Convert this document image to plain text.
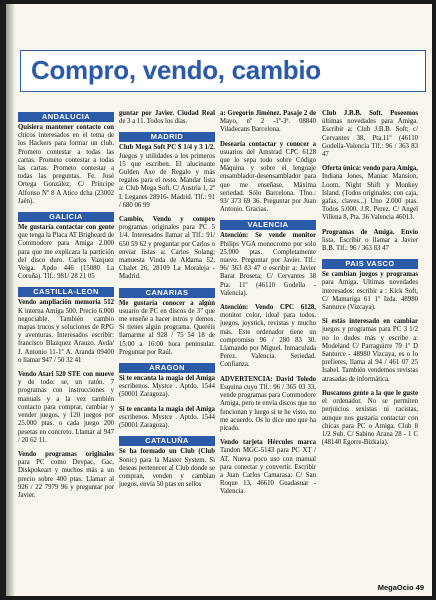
Compro, vendo, cambio
ANDALUCIA
Quisiera mantener contacto con chicos interesados en el tema de los Hackers para formar un club. Prometo contestar a todas las cartas. Prometo contestar a todas las cartas. Prometo contestar a todas las preguntas. Fe. José Ortega González; C/ Príncipe Alfonso Nº 8 A Atico dcha (23002 Jaén).
GALICIA
Me gustaría contactar con gente que tenga la Placa AT Brigheard de Commodore para Amiga 2.000 para que me explicara la partición del disco duro. Carlos Vazquez Veiga. Apdo 446 (15080 La Coruña). Tlf.: 981/ 28 21 05
CASTILLA-LEON
Vendo ampliación memoria 512 K interna Amiga 500. Precio 6.000 negociable. También cambio mapas trucos y soluciones de RPG y aventuras. Interesados escribir: francisco Blazquez Arauzo. Avda/ J. Antonio 11-1º A. Aranda 09400 o llamar 947 / 50 32 41
Vendo Atari 520 STE con mueve y de todo: se, un ratón. 7 programas con instrucciones y manuals y a la vez también contacto para comprar, cambiar y vender juegos, y 120 juegos por 25.000 ptas. o cada juego 200 pesetas en concreto. Llamar al 947 / 20 62 11.
Vendo programas originales para PC como Devpac, Gac, Diskpokeart y muchos más a un precio sobre 400 ptas. Llamar al 926 / 22 7979 96 y preguntar por Javier.
guntar por Javier. Ciudad Real de 3 a 11. Todos los días.
MADRID
Club Mega Soft PC $ 1/4 y 3 1/2. Juegos y utilidades a los primeros 15 que escriben. El alucinante Gulden Axe de Regalo y más regalos para el resto. Mandar lista a: Club Mega Soft. C/ Austria 1, 2º I. Leganes 28916- Madrid. Tlf.: 91 / 680 06 99
Cambio, Vendo y compro programas originales para PC 5 1/4. Interesados llamar al Tlf.: 91/ 650 59 62 y preguntar por Carlos o enviar listas a: Carlos Solang; manuesta Viuda de Aldama 52, Chalet 26, 28109 La Moraleja - Madrid.
CANARIAS
Me gustaría conocer a algún usuario de PC en discos de 3" que me enseñe a hacer intros y demos. Si tienes algún programa. Queréis llamarme al 928 / 75 54 18 de 15:00 a 16:00 hora peninsular. Preguntar por Raúl.
ARAGON
Si te encanta la magia del Amiga escribenos. Mystce . Aptdo. 1544 (50001 Zaragoza).
Si te encanta la magia del Amiga escribenos. Mystce . Aptdo. 1544 (50001 Zaragoza).
CATALUÑA
Se ha formado un Club (Club Sonic) para la Master System. Si deseas pertenecer al Club donde se compran, venden y cambian juegos, envía 50 ptas en sellos
a: Gregorio Jiménez. Pasaje 2 de Mayo, nº 2 -1º-3ª. 08840 Viladecans Barcelona.
Desearía contactar y conocer a usuarios del Amstrad CPC 6128 que lo sepa todo sobre Código Máquina y sobre el lenguaje ensamblador-desensamblador para que me enseñase. Máxima seriedad. Sólo Barcelona. Tfno.: 93/ 373 69 36. Preguntar por Juan Antonio. Gracias.
VALENCIA
Atención: Se vende monitor Philips VGA monocromo por solo 25.000 ptas. Completamente nuevo. Preguntar por Javier. Tlf.: 96/ 363 83 47 o escribir a: Javier Barat Broseta; C/ Cervantes 38 Pta. 11º (46110 Godella - Valencia).
Atención: Vendo CPC 6128, monitor color, ideal para todos, juegos, joystick, revistas y mucho más. Este ordenador tiene un compromiso 96 / 280 83 30. Llamando por Miguel. Inmaculada Perez. Valencia. Seriedad. Confianza.
ADVERTENCIA: David Toledo Esquina cuyo Tlf.: 96 / 365 03 33, vende programas para Commodore Amiga, pero te envía discos que no funcionan y luego si te he visto, no me acuerdo. Os lo dice uno que ha picado.
Vendo tarjeta Hércules marca Tandon MGC-5143 para PC XT / AT. Nueva poco uso con manual para conectar y convertir. Escribir a Juan Carlos Camarasa: C/ San Roque 13, 46610 Guadasuar - Valencia.
Club J.B.B. Soft. Poseemos últimas novedades para Amiga. Escribir a: Club J.B.B. Soft; c/ Cervantes 38, Pta.11º (46110 Godella-Valencia Tlf.: 96 / 363 83 47
Oferta única: vendo para Amiga, Indiana Jones, Maniac Mansion, Loom, Night Shift y Monkey Island. (Todos originales: con caja, gafas, claves...) Uno 2.000 ptas. Todos 5.000. J.R. Perez. C/ Angel Villena 8, Pta. 36 Valencia 46013.
Programas de Amiga. Envío lista. Escribir o llamar a Javier B.B. Tlf.: 96 / 363 83 47
PAIS VASCO
Se cambian juegos y programas para Amiga. Ultimas novedades interesados: escribir a : Kick Soft, C/ Mamariga 61 1º Izda. 48980 Santurce (Vizcaya).
Si estás interesado en cambiar juegos y programas para PC 3 1/2 no lo dudes más y escribe a: Modeland C/ Parraguirre 79 1º D Santurce - 48980 Vizcaya, es o lo prefieres, llama al 94 / 461 07 25 Isabel. También vendemos revistas atrasadas de informática.
Buscamos gente a la que le guste el ordenador. No se permiten perjuicios sexistas ni racistas, aunque nos gustaría contactar con chicas para PC o Amiga. Club 8 1/2 Sub. C/ Sabino Arana 28 - 1 C (48140 Egorre-Bizkaia).
MegaOcio 49
